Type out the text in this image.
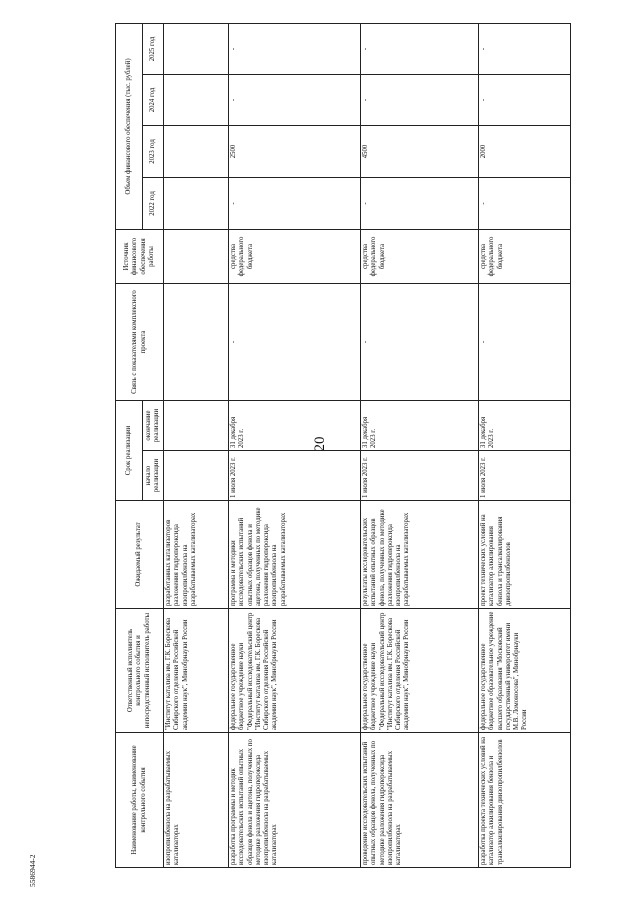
20
5586944-2
Наименование работы, наименование контрольного события	Ответственный исполнитель контрольного события и непосредственный исполнитель работы	Ожидаемый результат	Срок реализации		Связь с показателями комплексного проекта	Источник финансового обеспечения работы	Объем финансового обеспечения (тыс. рублей)			
			начало реализации	окончание реализации			2022 год	2023 год	2024 год	2025 год
изопропилбензола на разрабатываемых катализаторах	"Институт катализа им. Г.К. Борескова Сибирского отделения Российской академии наук", Минобрнауки России	разработанных катализаторов разложения гидропероксида изопропилбензола на разрабатываемых катализаторах								
разработка программы и методик исследовательских испытаний опытных образцов фенола и ацетона, полученных по методике разложения гидропероксида изопропилбензола на разрабатываемых катализаторах	федеральное государственное бюджетное учреждение науки "Федеральный исследовательский центр "Институт катализа им. Г.К. Борескова Сибирского отделения Российской академии наук", Минобрнауки России	программа и методики исследовательских испытаний опытных образцов фенола и ацетона, полученных по методике разложения гидропероксида изопропилбензола на разрабатываемых катализаторах	1 июля 2023 г.	31 декабря 2023 г.	-	средства федерального бюджета	-	2500	-	-
проведение исследовательских испытаний опытных образцов фенола, полученных по методике разложения гидропероксида изопропилбензола на разрабатываемых катализаторах	федеральное государственное бюджетное учреждение науки "Федеральный исследовательский центр "Институт катализа им. Г.К. Борескова Сибирского отделения Российской академии наук", Минобрнауки России	результаты исследовательских испытаний опытных образцов фенола, полученных по методике разложения гидропероксида изопропилбензола на разрабатываемых катализаторах	1 июля 2023 г.	31 декабря 2023 г.	-	средства федерального бюджета	-	4500	-	-
разработка проекта технических условий на катализатор алкилирования бензола и трансалкилирования диизопропилбензолов	федеральное государственное бюджетное образовательное учреждение высшего образования "Московский государственный университет имени М.В. Ломоносова", Минобрнауки России	проект технических условий на катализатор алкилирования бензола и трансалкилирования диизопропилбензолов	1 июля 2023 г.	31 декабря 2023 г.	-	средства федерального бюджета	-	2000	-	-
